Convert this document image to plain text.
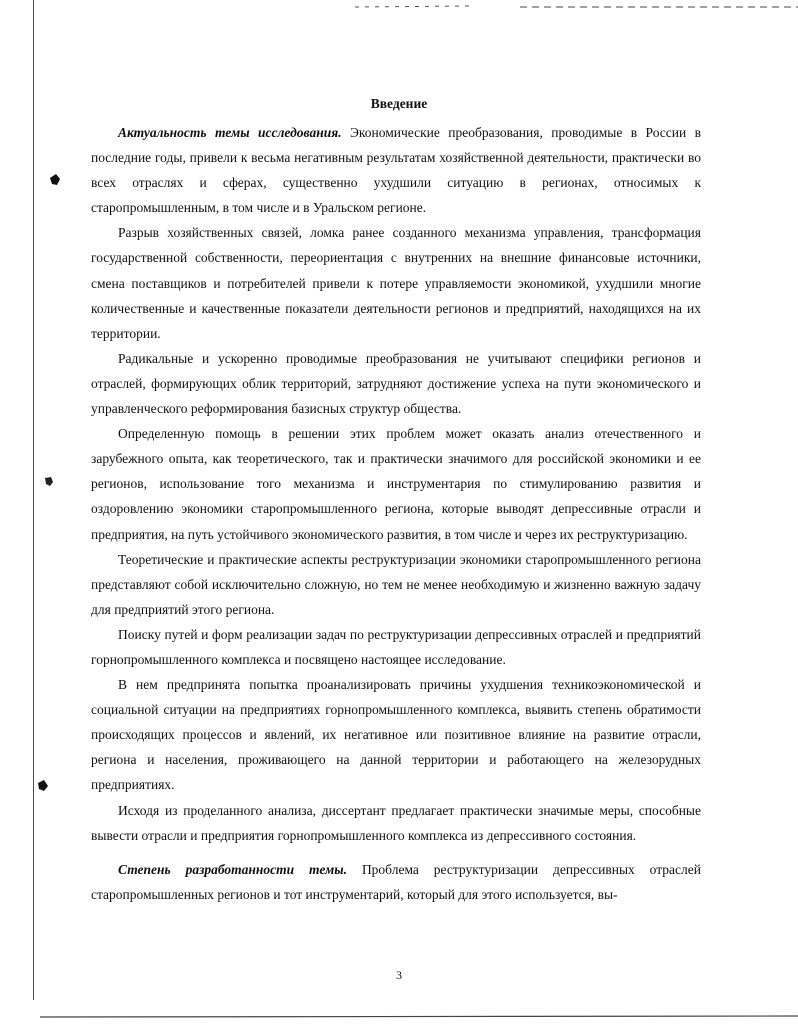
Введение

Актуальность темы исследования. Экономические преобразования, проводимые в России в последние годы, привели к весьма негативным результатам хозяйственной деятельности, практически во всех отраслях и сферах, существенно ухудшили ситуацию в регионах, относимых к старопромышленным, в том числе и в Уральском регионе.

Разрыв хозяйственных связей, ломка ранее созданного механизма управления, трансформация государственной собственности, переориентация с внутренних на внешние финансовые источники, смена поставщиков и потребителей привели к потере управляемости экономикой, ухудшили многие количественные и качественные показатели деятельности регионов и предприятий, находящихся на их территории.

Радикальные и ускоренно проводимые преобразования не учитывают специфики регионов и отраслей, формирующих облик территорий, затрудняют достижение успеха на пути экономического и управленческого реформирования базисных структур общества.

Определенную помощь в решении этих проблем может оказать анализ отечественного и зарубежного опыта, как теоретического, так и практически значимого для российской экономики и ее регионов, использование того механизма и инструментария по стимулированию развития и оздоровлению экономики старопромышленного региона, которые выводят депрессивные отрасли и предприятия, на путь устойчивого экономического развития, в том числе и через их реструктуризацию.

Теоретические и практические аспекты реструктуризации экономики старопромышленного региона представляют собой исключительно сложную, но тем не менее необходимую и жизненно важную задачу для предприятий этого региона.

Поиску путей и форм реализации задач по реструктуризации депрессивных отраслей и предприятий горнопромышленного комплекса и посвящено настоящее исследование.

В нем предпринята попытка проанализировать причины ухудшения техникоэкономической и социальной ситуации на предприятиях горнопромышленного комплекса, выявить степень обратимости происходящих процессов и явлений, их негативное или позитивное влияние на развитие отрасли, региона и населения, проживающего на данной территории и работающего на железорудных предприятиях.

Исходя из проделанного анализа, диссертант предлагает практически значимые меры, способные вывести отрасли и предприятия горнопромышленного комплекса из депрессивного состояния.

Степень разработанности темы. Проблема реструктуризации депрессивных отраслей старопромышленных регионов и тот инструментарий, который для этого используется, вы-

3
